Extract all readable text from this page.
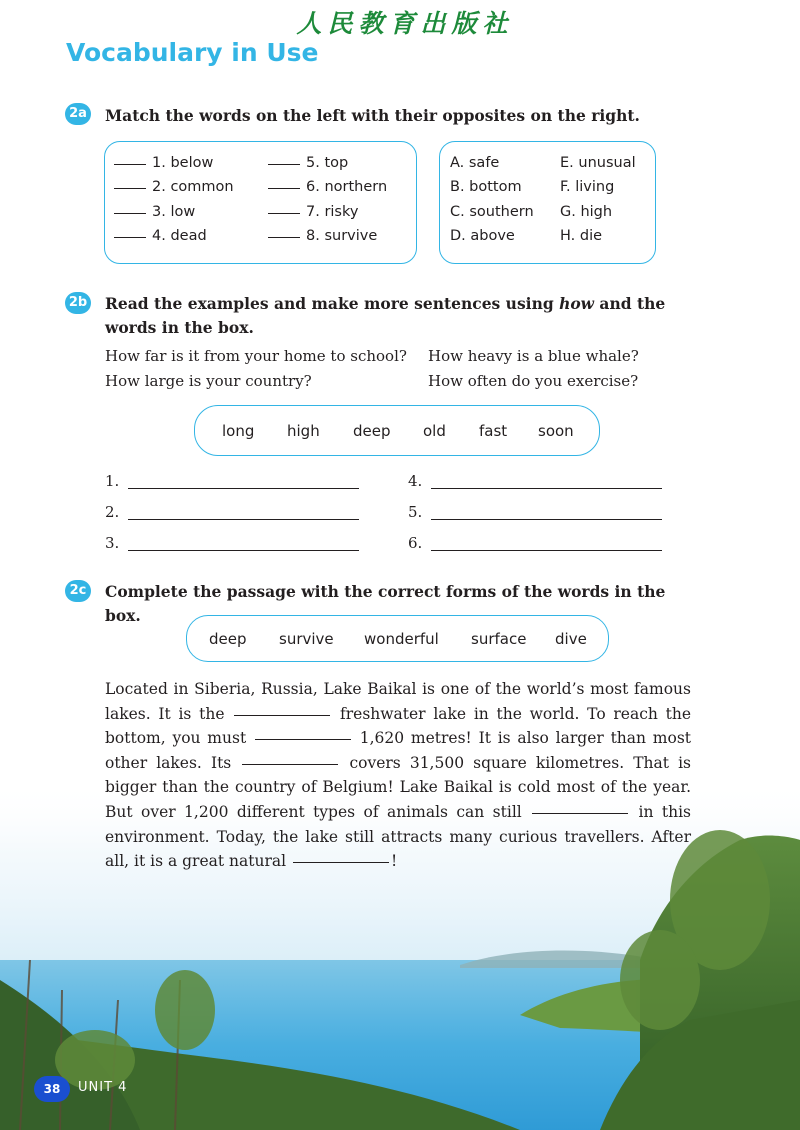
人民教育出版社
Vocabulary in Use
2a Match the words on the left with their opposites on the right.
1. below
2. common
3. low
4. dead
5. top
6. northern
7. risky
8. survive
A. safe
B. bottom
C. southern
D. above
E. unusual
F. living
G. high
H. die
2b Read the examples and make more sentences using how and the words in the box.
How far is it from your home to school? How heavy is a blue whale?
How large is your country?	How often do you exercise?
long high deep old fast soon
1.
2.
3.
4.
5.
6.
2c Complete the passage with the correct forms of the words in the box.
deep survive wonderful surface dive
Located in Siberia, Russia, Lake Baikal is one of the world’s most famous lakes. It is the	freshwater lake in the world. To reach the bottom, you must	1,620 metres! It is also larger than most other lakes. Its	covers 31,500 square kilometres. That is bigger than the country of Belgium! Lake Baikal is cold most of the year. But over 1,200 different types of animals can still	in this environment. Today, the lake still attracts many curious travellers. After all, it is a great natural	!
38	UNIT 4
